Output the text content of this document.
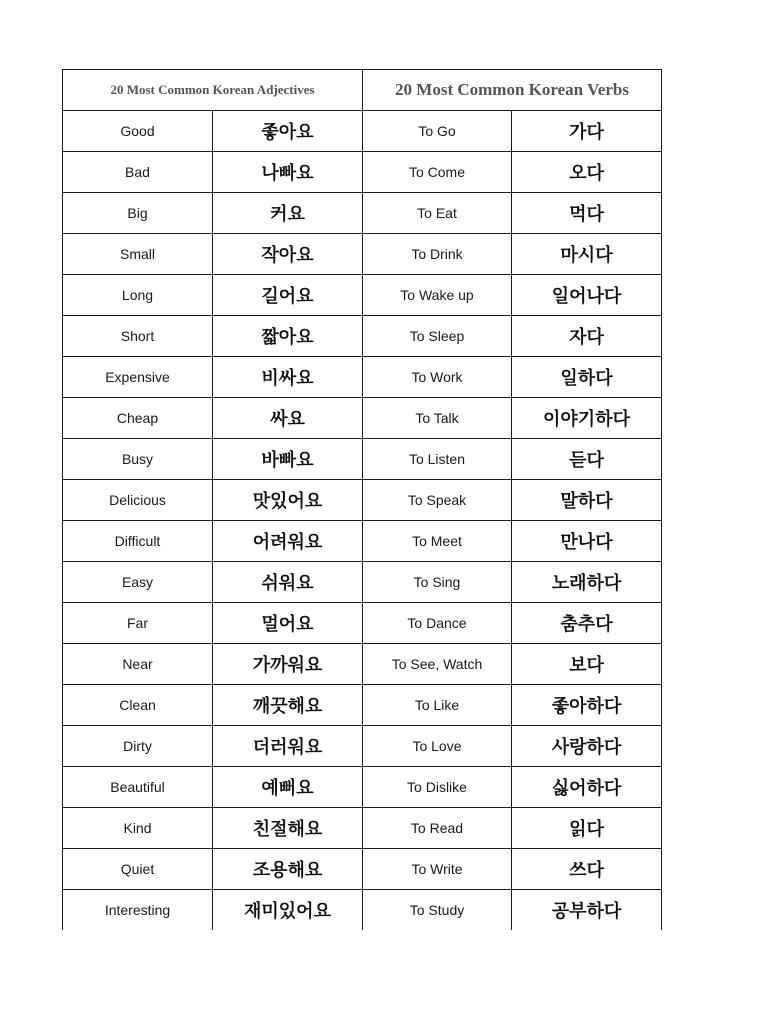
20 Most Common Korean Adjectives		20 Most Common Korean Verbs	
Good	좋아요	To Go	가다
Bad	나빠요	To Come	오다
Big	커요	To Eat	먹다
Small	작아요	To Drink	마시다
Long	길어요	To Wake up	일어나다
Short	짧아요	To Sleep	자다
Expensive	비싸요	To Work	일하다
Cheap	싸요	To Talk	이야기하다
Busy	바빠요	To Listen	듣다
Delicious	맛있어요	To Speak	말하다
Difficult	어려워요	To Meet	만나다
Easy	쉬워요	To Sing	노래하다
Far	멀어요	To Dance	춤추다
Near	가까워요	To See, Watch	보다
Clean	깨끗해요	To Like	좋아하다
Dirty	더러워요	To Love	사랑하다
Beautiful	예뻐요	To Dislike	싫어하다
Kind	친절해요	To Read	읽다
Quiet	조용해요	To Write	쓰다
Interesting	재미있어요	To Study	공부하다
